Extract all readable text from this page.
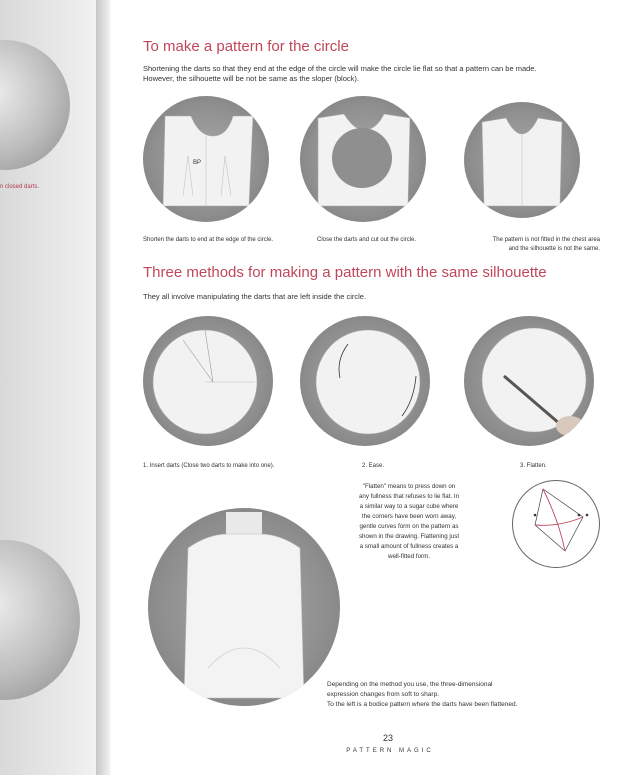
n closed darts.
To make a pattern for the circle

Shortening the darts so that they end at the edge of the circle will make the circle lie flat so that a pattern can be made.

However, the silhouette will be not be same as the sloper (block).

BP
Shorten the darts to end at the edge of the circle.	Close the darts and cut out the circle.	The pattern is not fitted in the chest area
and the silhouette is not the same.
Three methods for making a pattern with the same silhouette

They all involve manipulating the darts that are left inside the circle.

1. Insert darts (Close two darts to make into one).	2. Ease.	3. Flatten.
"Flatten" means to press down on
any fullness that refuses to lie flat. In
a similar way to a sugar cube where
the corners have been worn away,
gentle curves form on the pattern as
shown in the drawing. Flattening just
a small amount of fullness creates a
well-fitted form.

Depending on the method you use, the three-dimensional

expression changes from soft to sharp.

To the left is a bodice pattern where the darts have been flattened.

23
PATTERN MAGIC
